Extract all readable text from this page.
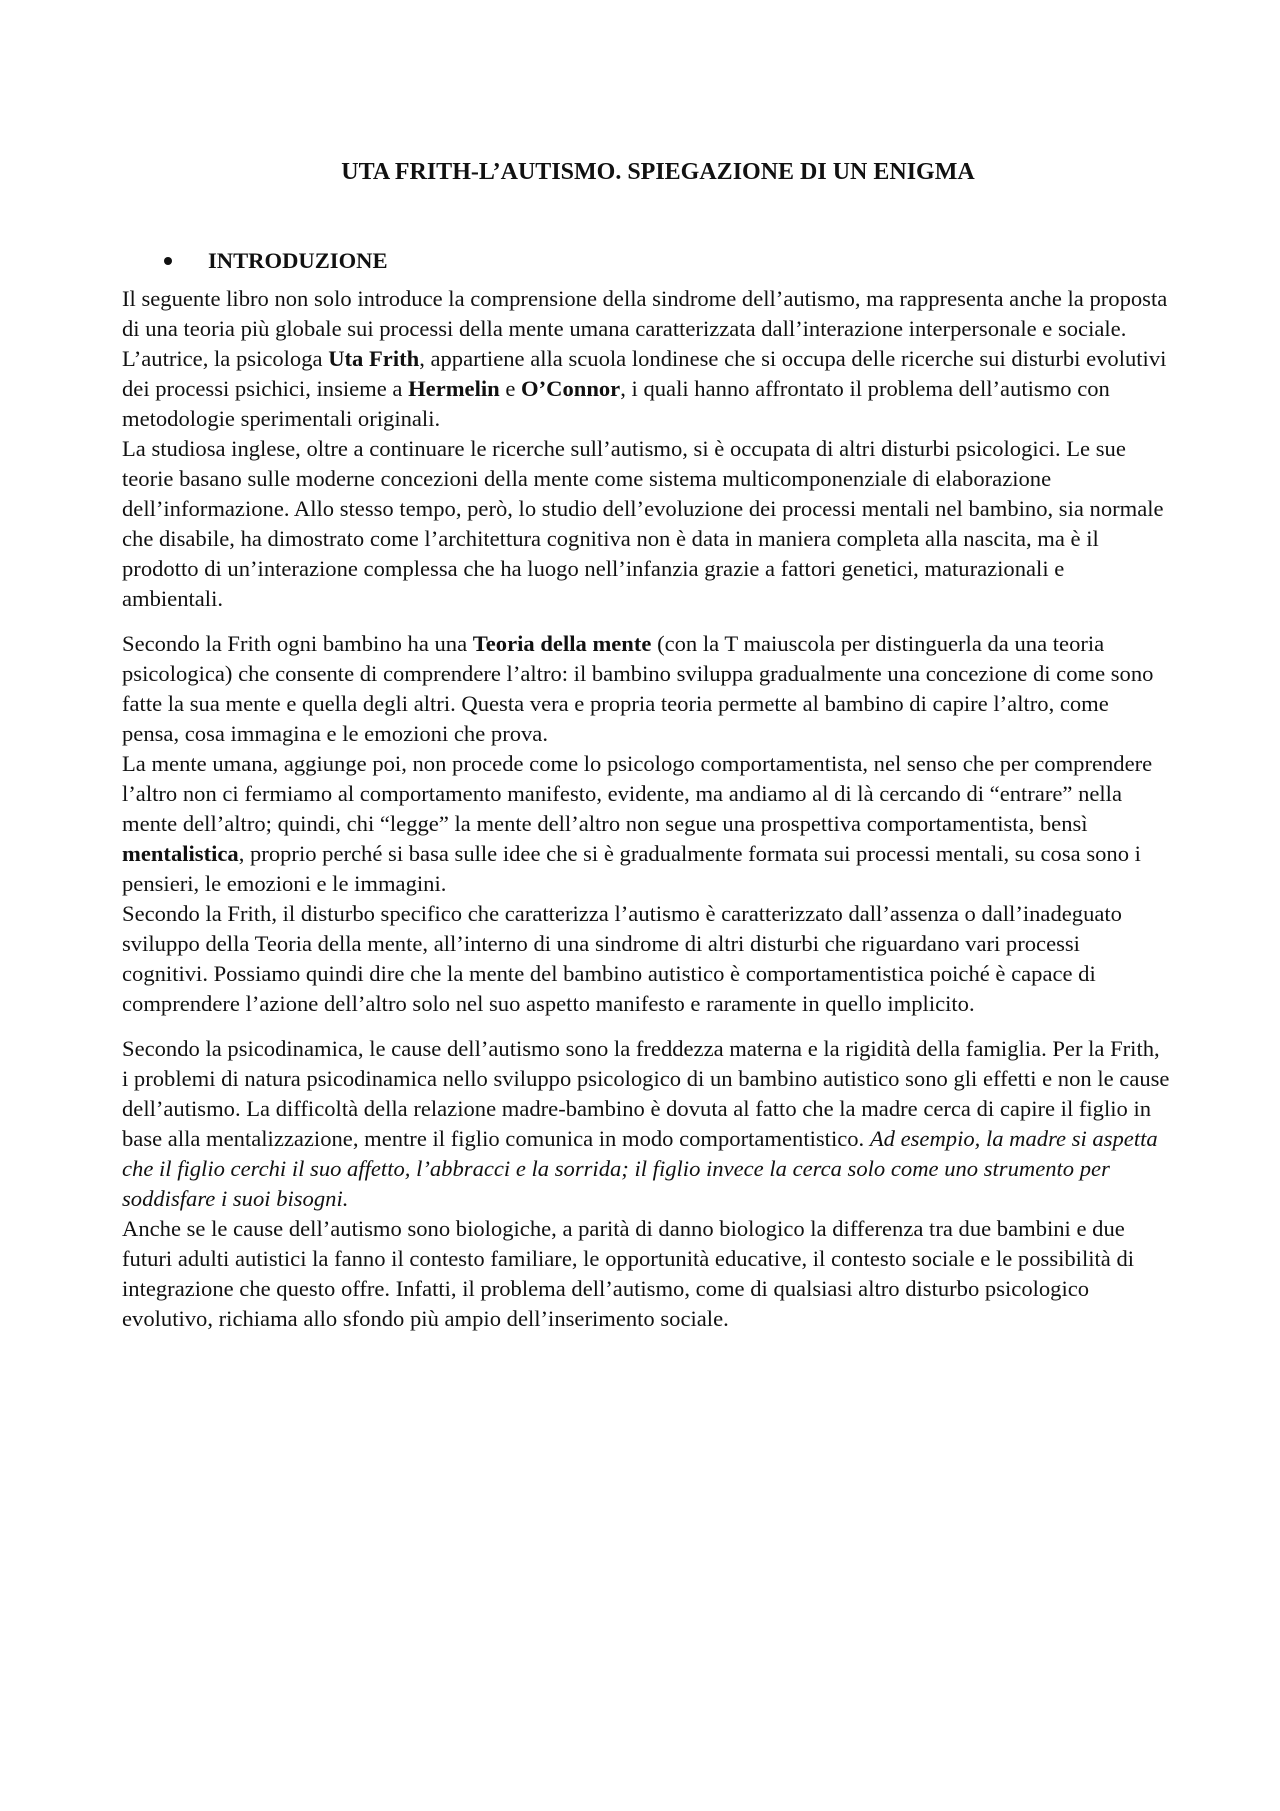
UTA FRITH-L’AUTISMO. SPIEGAZIONE DI UN ENIGMA
INTRODUZIONE

Il seguente libro non solo introduce la comprensione della sindrome dell’autismo, ma rappresenta anche la proposta di una teoria più globale sui processi della mente umana caratterizzata dall’interazione interpersonale e sociale.

L’autrice, la psicologa Uta Frith, appartiene alla scuola londinese che si occupa delle ricerche sui disturbi evolutivi dei processi psichici, insieme a Hermelin e O’Connor, i quali hanno affrontato il problema dell’autismo con metodologie sperimentali originali.

La studiosa inglese, oltre a continuare le ricerche sull’autismo, si è occupata di altri disturbi psicologici. Le sue teorie basano sulle moderne concezioni della mente come sistema multicomponenziale di elaborazione dell’informazione. Allo stesso tempo, però, lo studio dell’evoluzione dei processi mentali nel bambino, sia normale che disabile, ha dimostrato come l’architettura cognitiva non è data in maniera completa alla nascita, ma è il prodotto di un’interazione complessa che ha luogo nell’infanzia grazie a fattori genetici, maturazionali e ambientali.

Secondo la Frith ogni bambino ha una Teoria della mente (con la T maiuscola per distinguerla da una teoria psicologica) che consente di comprendere l’altro: il bambino sviluppa gradualmente una concezione di come sono fatte la sua mente e quella degli altri. Questa vera e propria teoria permette al bambino di capire l’altro, come pensa, cosa immagina e le emozioni che prova.

La mente umana, aggiunge poi, non procede come lo psicologo comportamentista, nel senso che per comprendere l’altro non ci fermiamo al comportamento manifesto, evidente, ma andiamo al di là cercando di “entrare” nella mente dell’altro; quindi, chi “legge” la mente dell’altro non segue una prospettiva comportamentista, bensì mentalistica, proprio perché si basa sulle idee che si è gradualmente formata sui processi mentali, su cosa sono i pensieri, le emozioni e le immagini.

Secondo la Frith, il disturbo specifico che caratterizza l’autismo è caratterizzato dall’assenza o dall’inadeguato sviluppo della Teoria della mente, all’interno di una sindrome di altri disturbi che riguardano vari processi cognitivi. Possiamo quindi dire che la mente del bambino autistico è comportamentistica poiché è capace di comprendere l’azione dell’altro solo nel suo aspetto manifesto e raramente in quello implicito.

Secondo la psicodinamica, le cause dell’autismo sono la freddezza materna e la rigidità della famiglia. Per la Frith, i problemi di natura psicodinamica nello sviluppo psicologico di un bambino autistico sono gli effetti e non le cause dell’autismo. La difficoltà della relazione madre-bambino è dovuta al fatto che la madre cerca di capire il figlio in base alla mentalizzazione, mentre il figlio comunica in modo comportamentistico. Ad esempio, la madre si aspetta che il figlio cerchi il suo affetto, l’abbracci e la sorrida; il figlio invece la cerca solo come uno strumento per soddisfare i suoi bisogni.

Anche se le cause dell’autismo sono biologiche, a parità di danno biologico la differenza tra due bambini e due futuri adulti autistici la fanno il contesto familiare, le opportunità educative, il contesto sociale e le possibilità di integrazione che questo offre. Infatti, il problema dell’autismo, come di qualsiasi altro disturbo psicologico evolutivo, richiama allo sfondo più ampio dell’inserimento sociale.
